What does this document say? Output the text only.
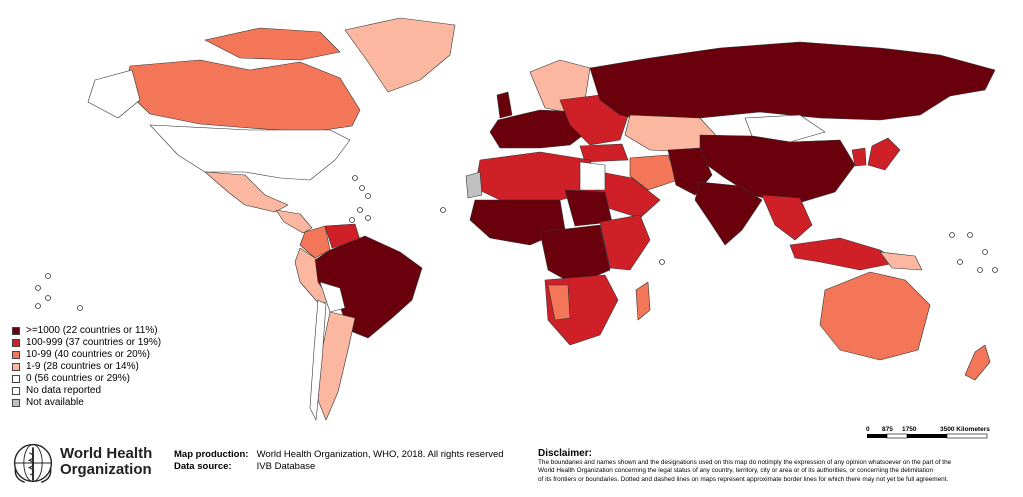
>=1000 (22 countries or 11%)
100-999 (37 countries or 19%)
10-99 (40 countries or 20%)
1-9 (28 countries or 14%)
0 (56 countries or 29%)
No data reported
Not available
World Health
Organization
Map production: World Health Organization, WHO, 2018. All rights reserved
Data source:	IVB Database
Disclaimer:
The boundaries and names shown and the designations used on this map do notimply the expression of any opinion whatsoever on the part of the
World Health Organization concerning the legal status of any country, territory, city or area or of its authorities, or concerning the delimitation
of its frontiers or boundaries. Dotted and dashed lines on maps represent approximate border lines for which there may not yet be full agreement.
0 875 1750	3500 Kilometers
